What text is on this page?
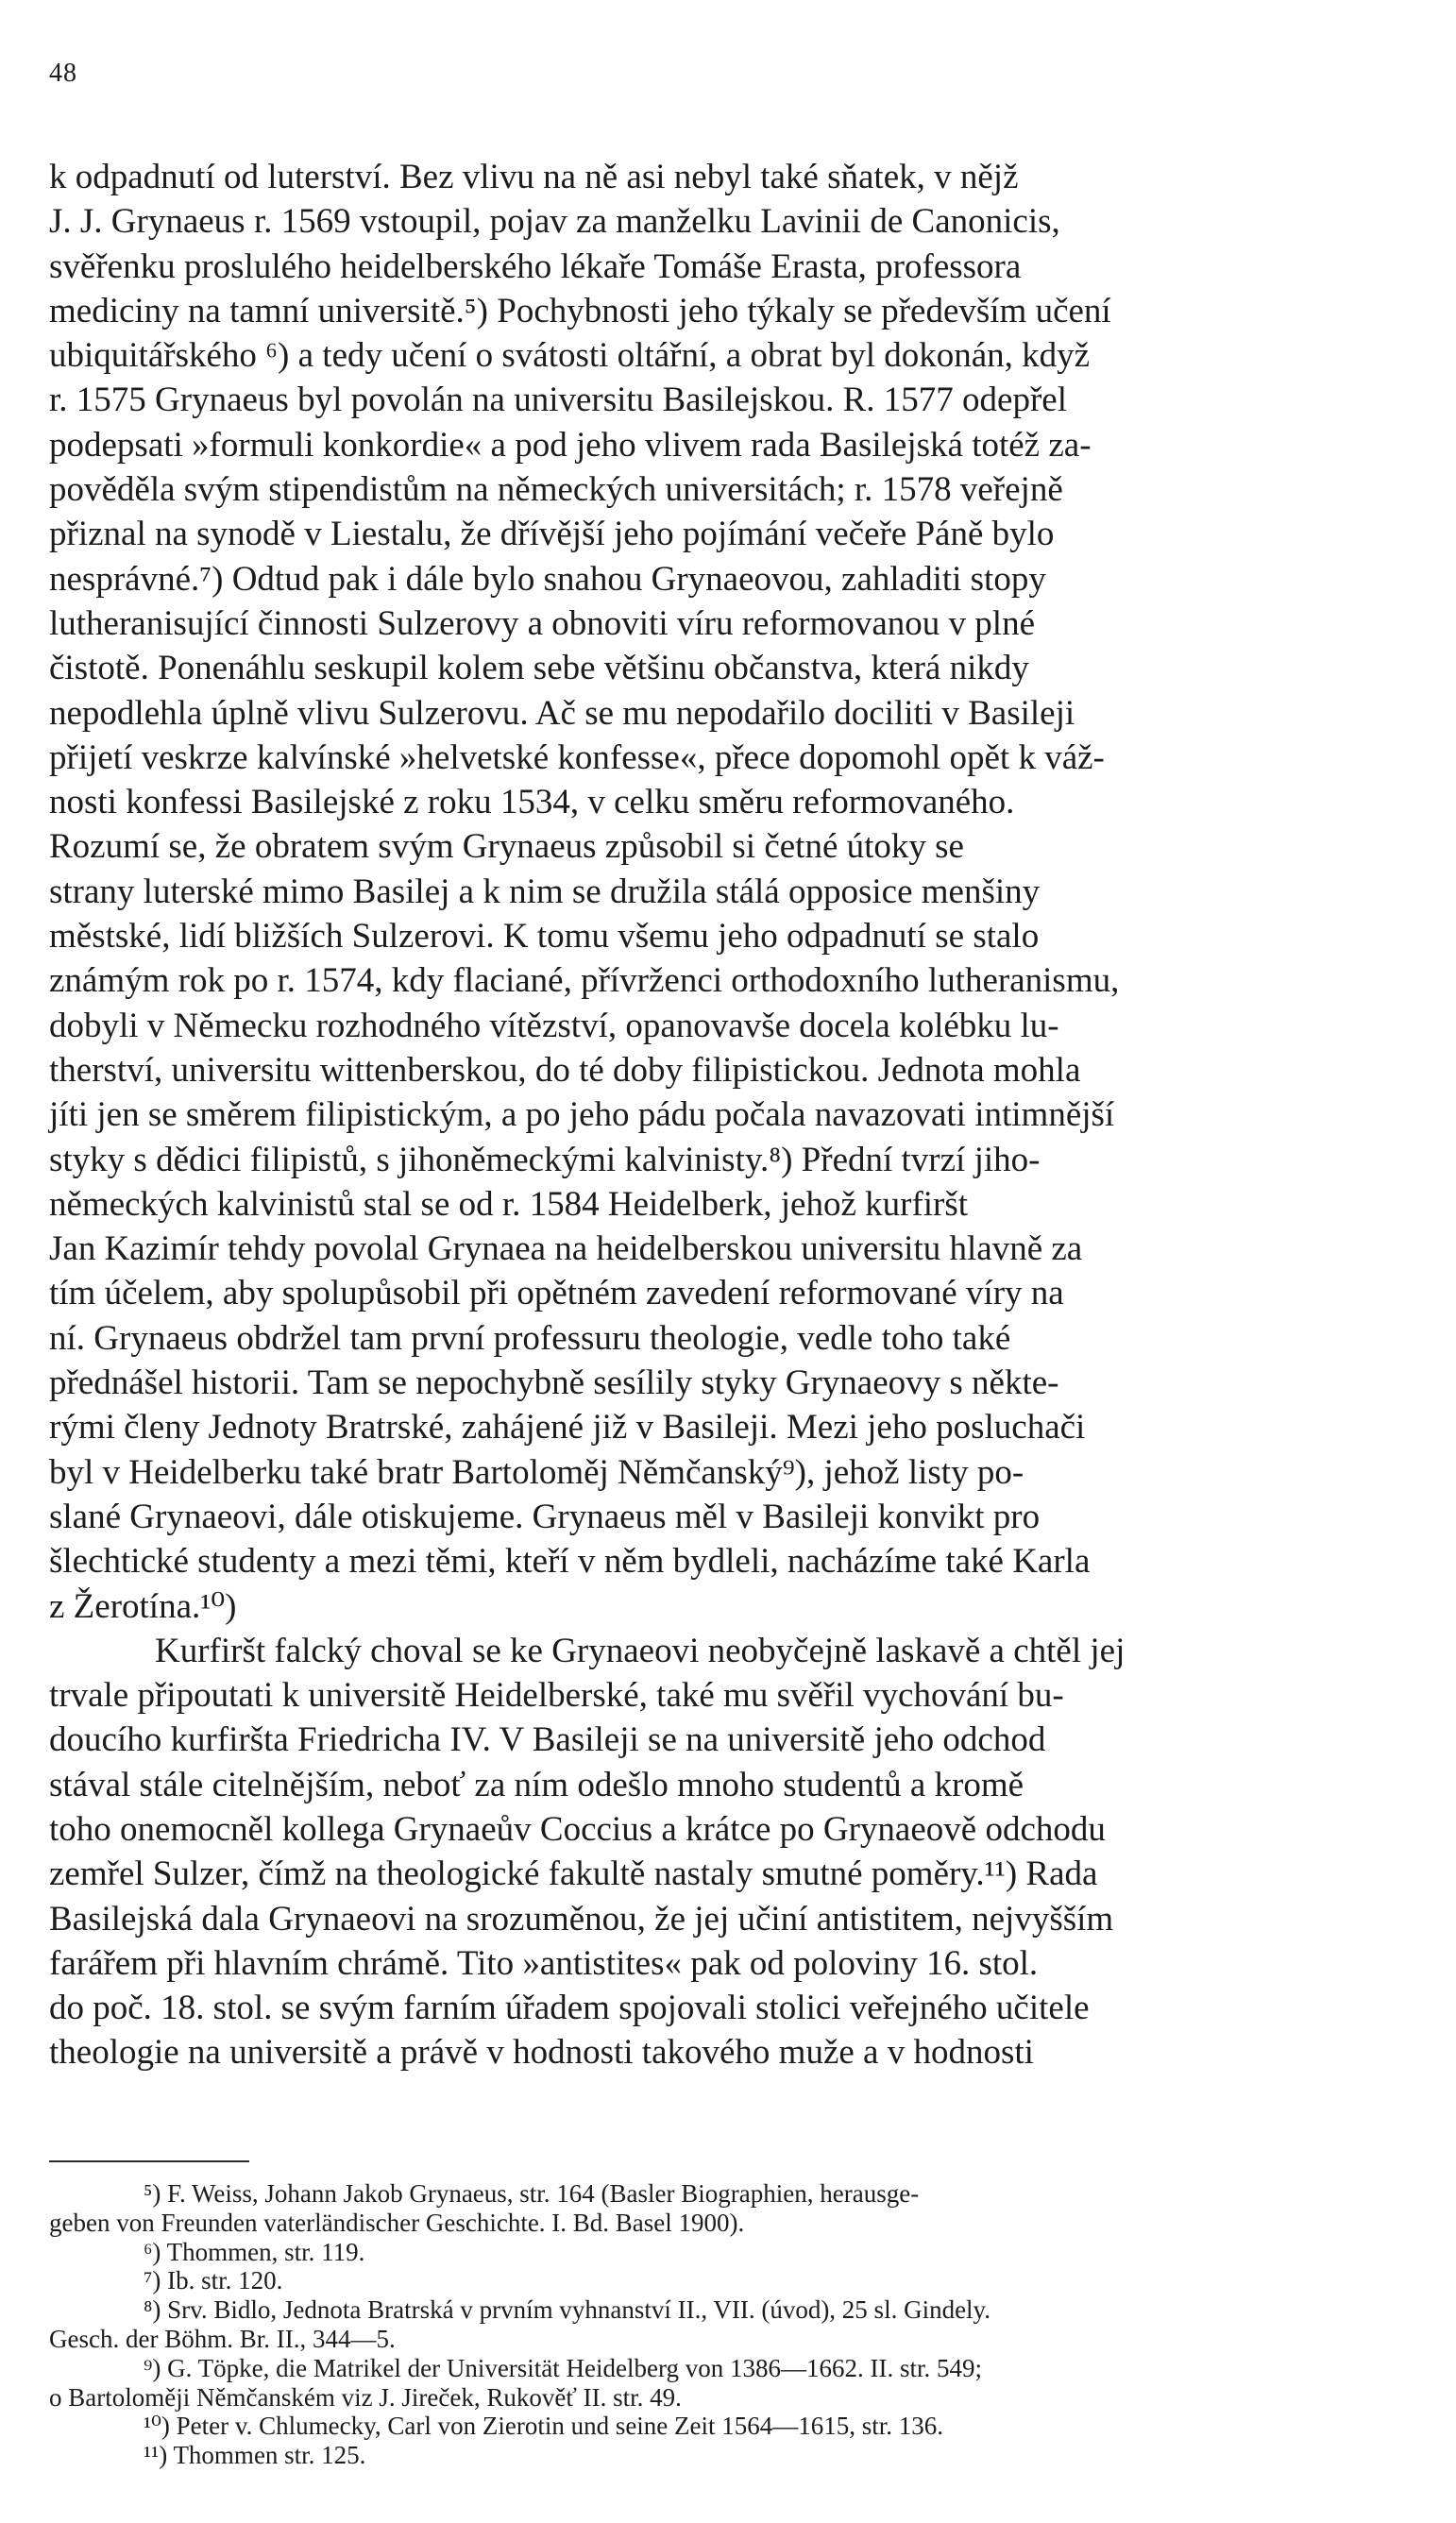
48
k odpadnutí od luterství. Bez vlivu na ně asi nebyl také sňatek, v nějž
J. J. Grynaeus r. 1569 vstoupil, pojav za manželku Lavinii de Canonicis,
svěřenku proslulého heidelberského lékaře Tomáše Erasta, professora
mediciny na tamní universitě.⁵) Pochybnosti jeho týkaly se především učení
ubiquitářského ⁶) a tedy učení o svátosti oltářní, a obrat byl dokonán, když
r. 1575 Grynaeus byl povolán na universitu Basilejskou. R. 1577 odepřel
podepsati »formuli konkordie« a pod jeho vlivem rada Basilejská totéž za-
pověděla svým stipendistům na německých universitách; r. 1578 veřejně
přiznal na synodě v Liestalu, že dřívější jeho pojímání večeře Páně bylo
nesprávné.⁷) Odtud pak i dále bylo snahou Grynaeovou, zahladiti stopy
lutheranisující činnosti Sulzerovy a obnoviti víru reformovanou v plné
čistotě. Ponenáhlu seskupil kolem sebe většinu občanstva, která nikdy
nepodlehla úplně vlivu Sulzerovu. Ač se mu nepodařilo dociliti v Basileji
přijetí veskrze kalvínské »helvetské konfesse«, přece dopomohl opět k váž-
nosti konfessi Basilejské z roku 1534, v celku směru reformovaného.
Rozumí se, že obratem svým Grynaeus způsobil si četné útoky se
strany luterské mimo Basilej a k nim se družila stálá opposice menšiny
městské, lidí bližších Sulzerovi. K tomu všemu jeho odpadnutí se stalo
známým rok po r. 1574, kdy flaciané, přívrženci orthodoxního lutheranismu,
dobyli v Německu rozhodného vítězství, opanovavše docela kolébku lu-
therství, universitu wittenberskou, do té doby filipistickou. Jednota mohla
jíti jen se směrem filipistickým, a po jeho pádu počala navazovati intimnější
styky s dědici filipistů, s jihoněmeckými kalvinisty.⁸) Přední tvrzí jiho-
německých kalvinistů stal se od r. 1584 Heidelberk, jehož kurfiršt
Jan Kazimír tehdy povolal Grynaea na heidelberskou universitu hlavně za
tím účelem, aby spolupůsobil při opětném zavedení reformované víry na
ní. Grynaeus obdržel tam první professuru theologie, vedle toho také
přednášel historii. Tam se nepochybně sesílily styky Grynaeovy s někte-
rými členy Jednoty Bratrské, zahájené již v Basileji. Mezi jeho posluchači
byl v Heidelberku také bratr Bartoloměj Němčanský⁹), jehož listy po-
slané Grynaeovi, dále otiskujeme. Grynaeus měl v Basileji konvikt pro
šlechtické studenty a mezi těmi, kteří v něm bydleli, nacházíme také Karla
z Žerotína.¹⁰)
Kurfiršt falcký choval se ke Grynaeovi neobyčejně laskavě a chtěl jej
trvale připoutati k universitě Heidelberské, také mu svěřil vychování bu-
doucího kurfiršta Friedricha IV. V Basileji se na universitě jeho odchod
stával stále citelnějším, neboť za ním odešlo mnoho studentů a kromě
toho onemocněl kollega Grynaeův Coccius a krátce po Grynaeově odchodu
zemřel Sulzer, čímž na theologické fakultě nastaly smutné poměry.¹¹) Rada
Basilejská dala Grynaeovi na srozuměnou, že jej učiní antistitem, nejvyšším
farářem při hlavním chrámě. Tito »antistites« pak od poloviny 16. stol.
do poč. 18. stol. se svým farním úřadem spojovali stolici veřejného učitele
theologie na universitě a právě v hodnosti takového muže a v hodnosti
⁵) F. Weiss, Johann Jakob Grynaeus, str. 164 (Basler Biographien, herausge-
geben von Freunden vaterländischer Geschichte. I. Bd. Basel 1900).
⁶) Thommen, str. 119.
⁷) Ib. str. 120.
⁸) Srv. Bidlo, Jednota Bratrská v prvním vyhnanství II., VII. (úvod), 25 sl. Gindely.
Gesch. der Böhm. Br. II., 344—5.
⁹) G. Töpke, die Matrikel der Universität Heidelberg von 1386—1662. II. str. 549;
o Bartoloměji Němčanském viz J. Jireček, Rukověť II. str. 49.
¹⁰) Peter v. Chlumecky, Carl von Zierotin und seine Zeit 1564—1615, str. 136.
¹¹) Thommen str. 125.
